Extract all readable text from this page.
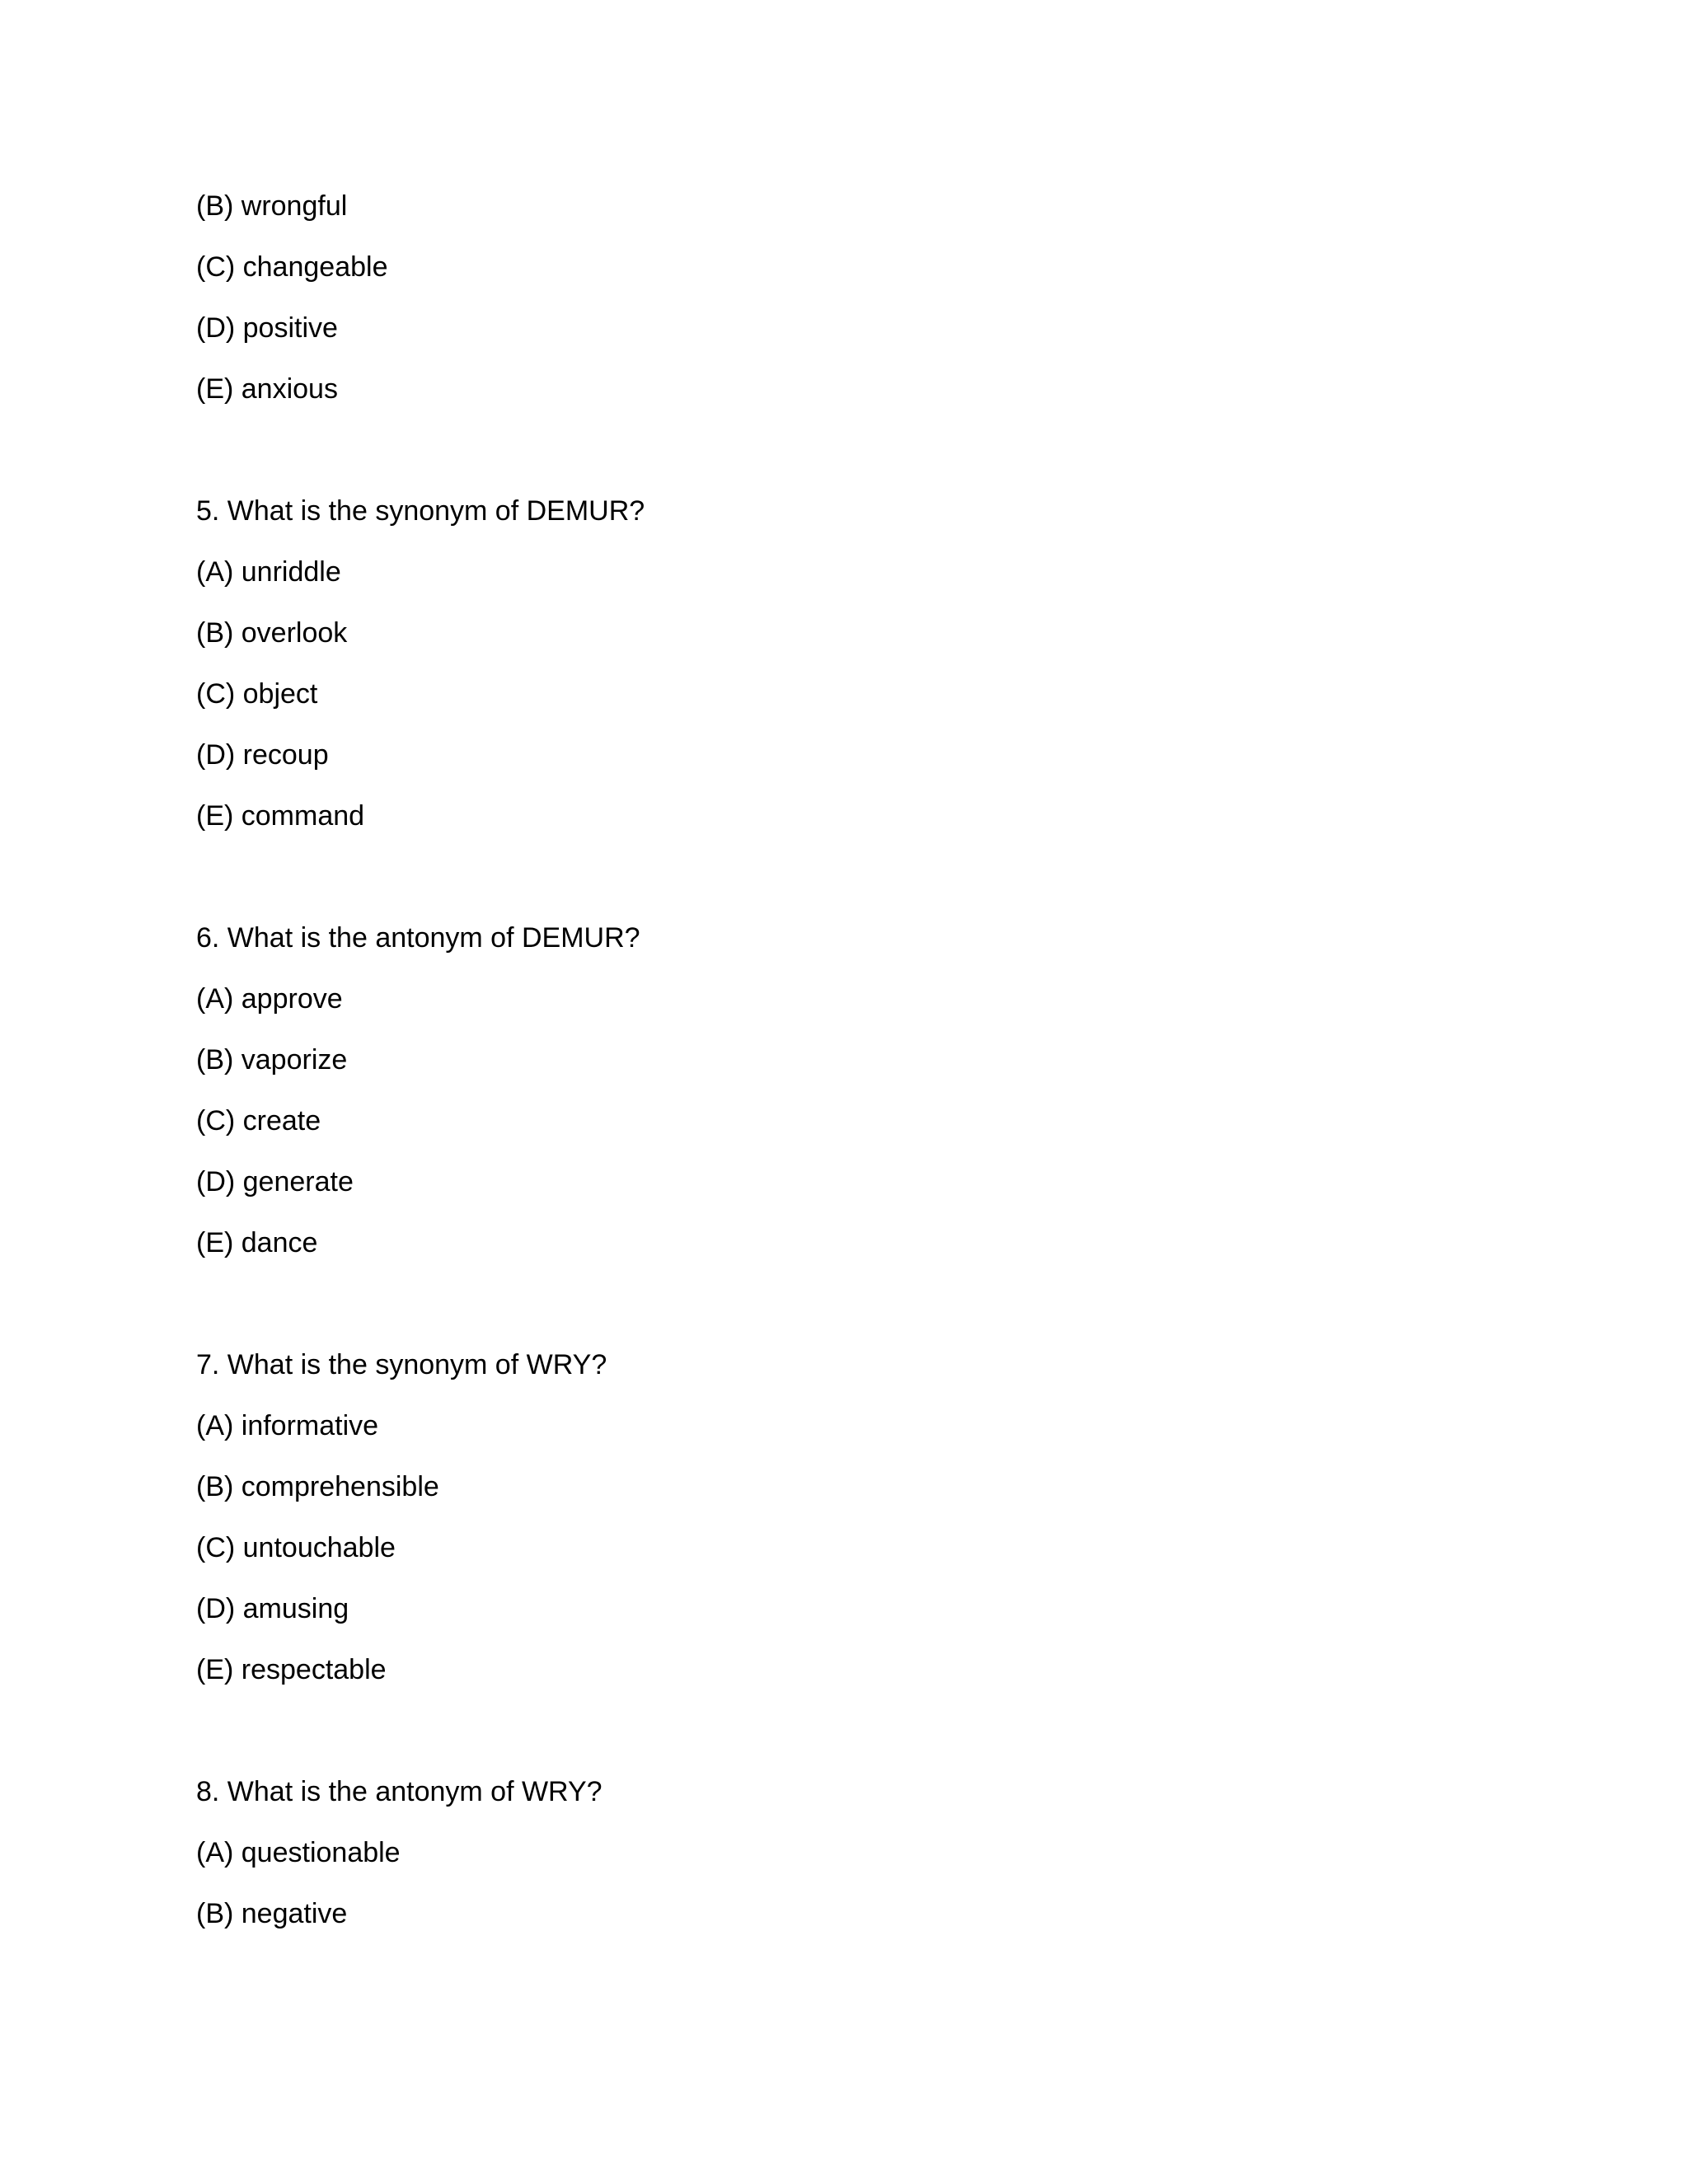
(B) wrongful
(C) changeable
(D) positive
(E) anxious
5. What is the synonym of DEMUR?
(A) unriddle
(B) overlook
(C) object
(D) recoup
(E) command
6. What is the antonym of DEMUR?
(A) approve
(B) vaporize
(C) create
(D) generate
(E) dance
7. What is the synonym of WRY?
(A) informative
(B) comprehensible
(C) untouchable
(D) amusing
(E) respectable
8. What is the antonym of WRY?
(A) questionable
(B) negative
